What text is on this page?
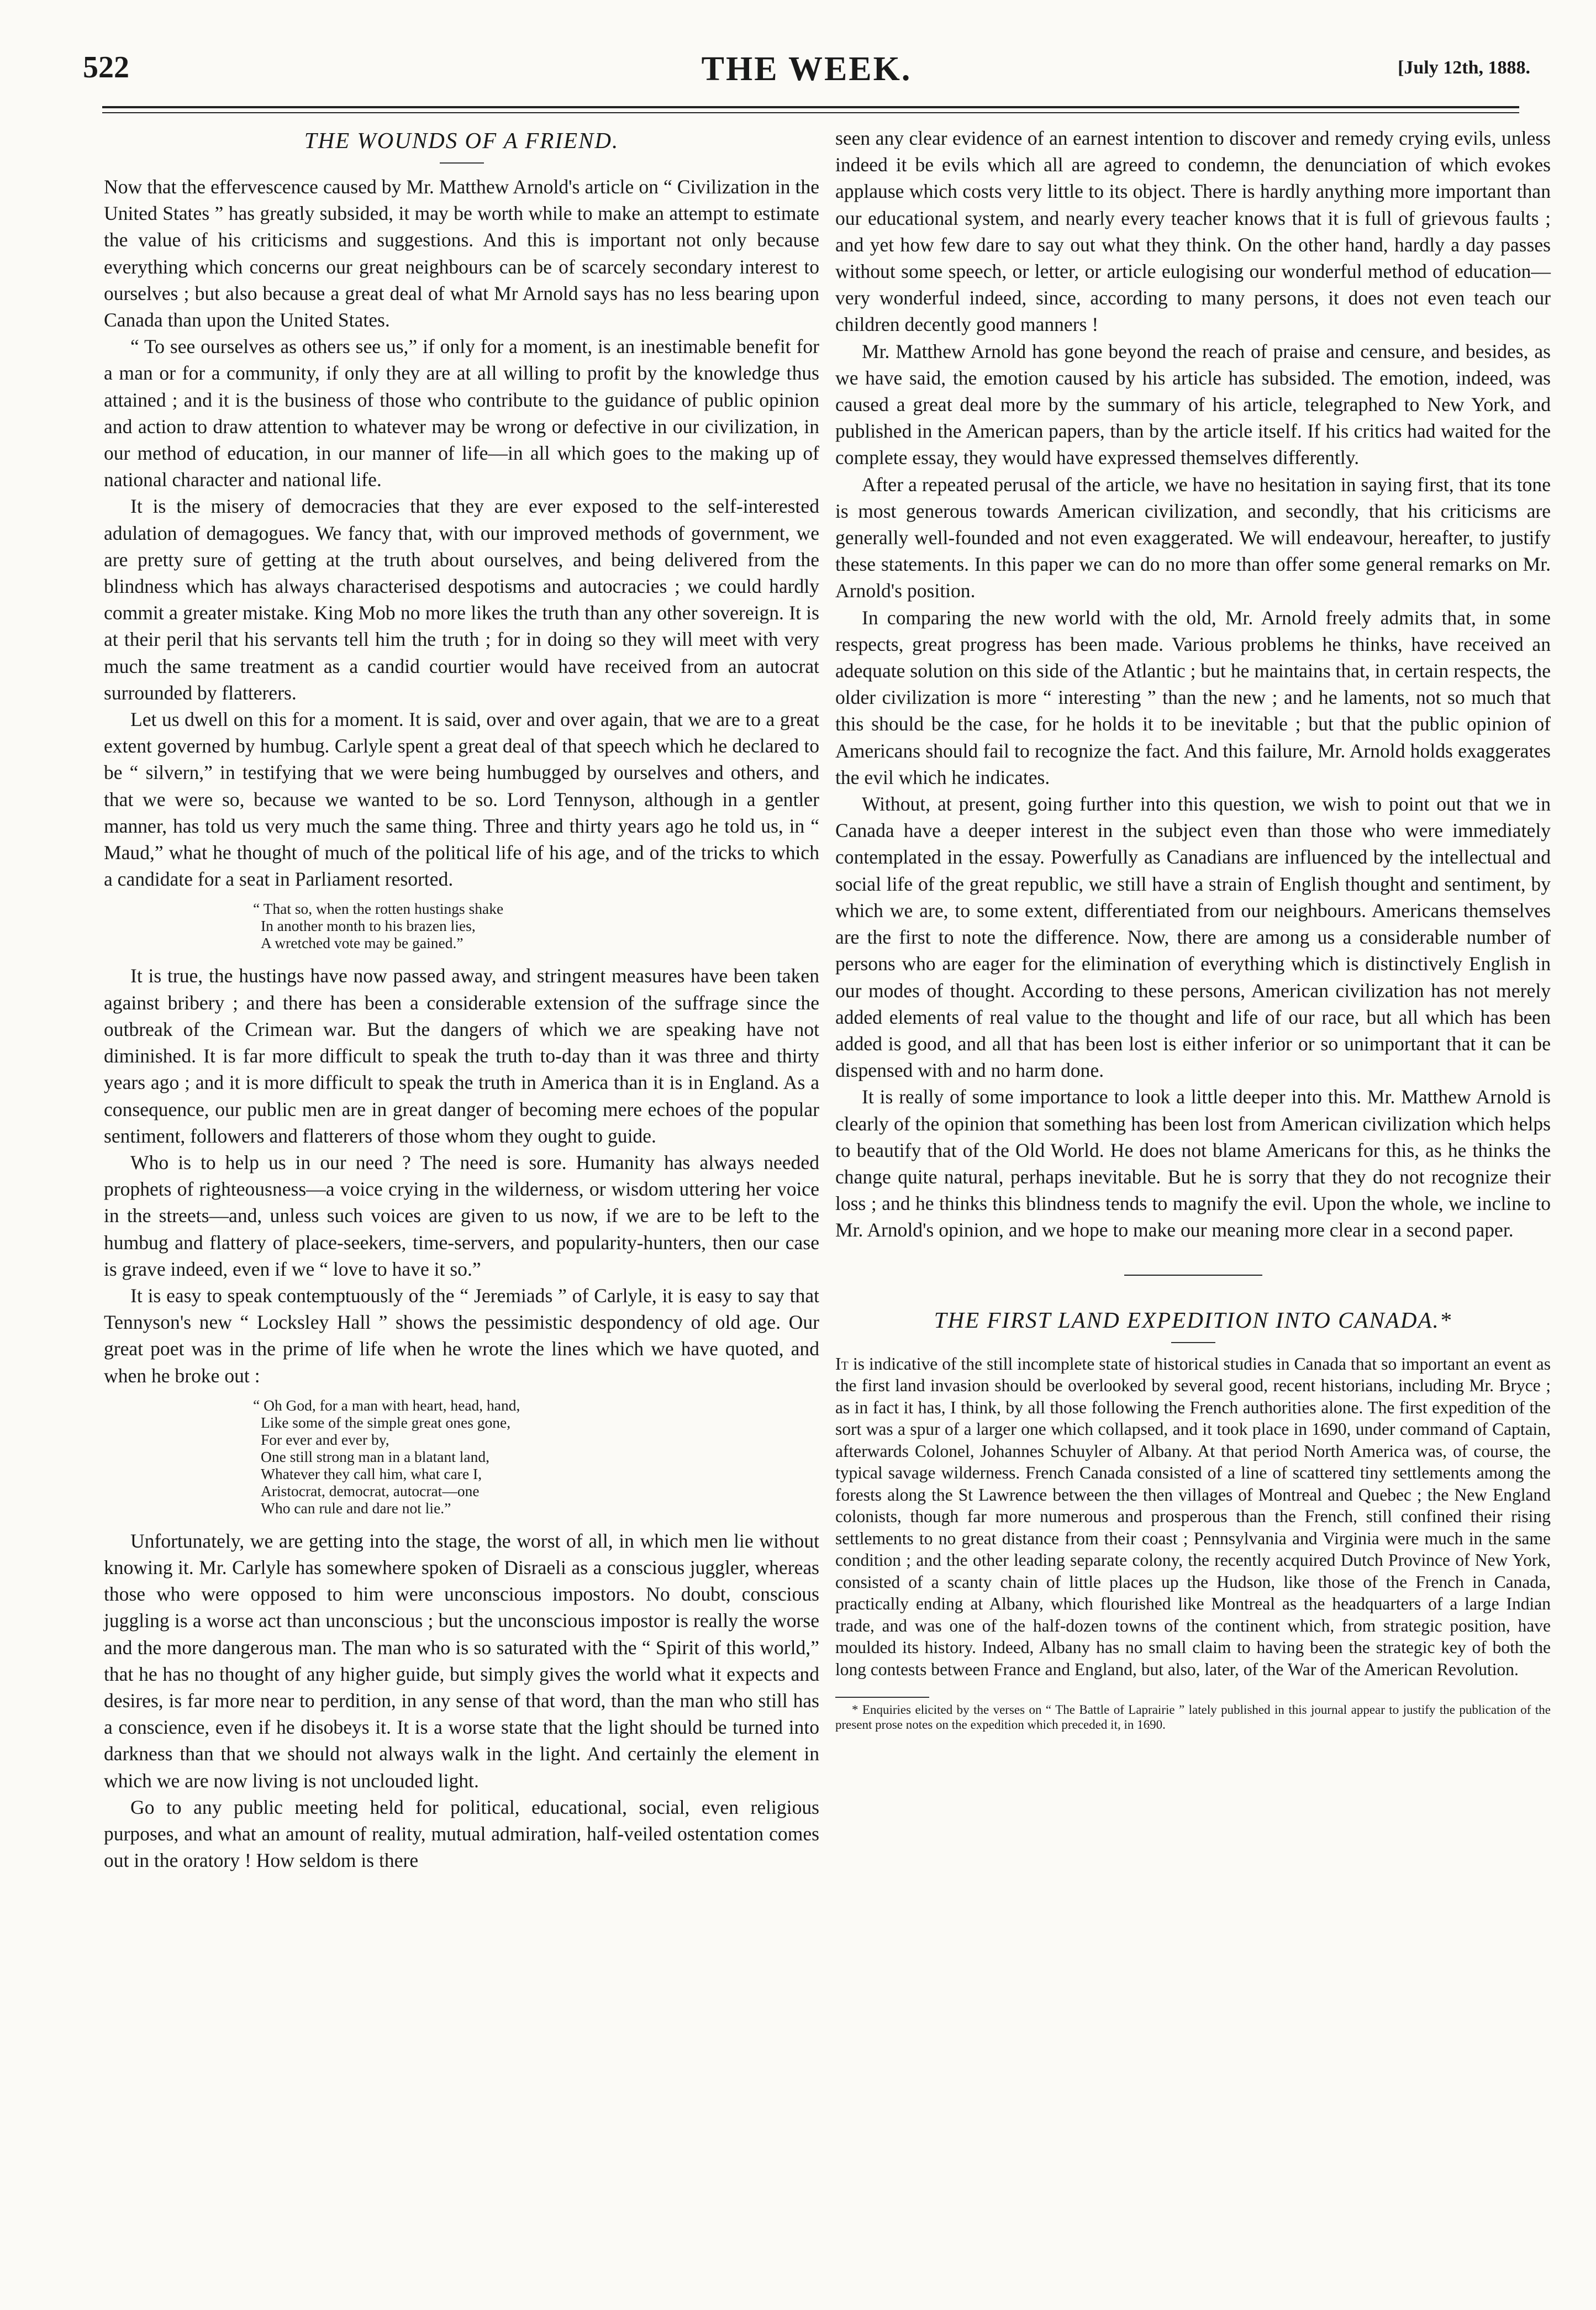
522	THE WEEK.	[July 12th, 1888.
THE WOUNDS OF A FRIEND.

Now that the effervescence caused by Mr. Matthew Arnold's article on “ Civilization in the United States ” has greatly subsided, it may be worth while to make an attempt to estimate the value of his criticisms and suggestions. And this is important not only because everything which concerns our great neighbours can be of scarcely secondary interest to ourselves ; but also because a great deal of what Mr Arnold says has no less bearing upon Canada than upon the United States.

“ To see ourselves as others see us,” if only for a moment, is an inestimable benefit for a man or for a community, if only they are at all willing to profit by the knowledge thus attained ; and it is the business of those who contribute to the guidance of public opinion and action to draw attention to whatever may be wrong or defective in our civilization, in our method of education, in our manner of life—in all which goes to the making up of national character and national life.

It is the misery of democracies that they are ever exposed to the self-interested adulation of demagogues. We fancy that, with our improved methods of government, we are pretty sure of getting at the truth about ourselves, and being delivered from the blindness which has always characterised despotisms and autocracies ; we could hardly commit a greater mistake. King Mob no more likes the truth than any other sovereign. It is at their peril that his servants tell him the truth ; for in doing so they will meet with very much the same treatment as a candid courtier would have received from an autocrat surrounded by flatterers.

Let us dwell on this for a moment. It is said, over and over again, that we are to a great extent governed by humbug. Carlyle spent a great deal of that speech which he declared to be “ silvern,” in testifying that we were being humbugged by ourselves and others, and that we were so, because we wanted to be so. Lord Tennyson, although in a gentler manner, has told us very much the same thing. Three and thirty years ago he told us, in “ Maud,” what he thought of much of the political life of his age, and of the tricks to which a candidate for a seat in Parliament resorted.

“ That so, when the rotten hustings shake
In another month to his brazen lies,
A wretched vote may be gained.”

It is true, the hustings have now passed away, and stringent measures have been taken against bribery ; and there has been a considerable extension of the suffrage since the outbreak of the Crimean war. But the dangers of which we are speaking have not diminished. It is far more difficult to speak the truth to-day than it was three and thirty years ago ; and it is more difficult to speak the truth in America than it is in England. As a consequence, our public men are in great danger of becoming mere echoes of the popular sentiment, followers and flatterers of those whom they ought to guide.

Who is to help us in our need ? The need is sore. Humanity has always needed prophets of righteousness—a voice crying in the wilderness, or wisdom uttering her voice in the streets—and, unless such voices are given to us now, if we are to be left to the humbug and flattery of place-seekers, time-servers, and popularity-hunters, then our case is grave indeed, even if we “ love to have it so.”

It is easy to speak contemptuously of the “ Jeremiads ” of Carlyle, it is easy to say that Tennyson's new “ Locksley Hall ” shows the pessimistic despondency of old age. Our great poet was in the prime of life when he wrote the lines which we have quoted, and when he broke out :

“ Oh God, for a man with heart, head, hand,
Like some of the simple great ones gone,
For ever and ever by,
One still strong man in a blatant land,
Whatever they call him, what care I,
Aristocrat, democrat, autocrat—one
Who can rule and dare not lie.”

Unfortunately, we are getting into the stage, the worst of all, in which men lie without knowing it. Mr. Carlyle has somewhere spoken of Disraeli as a conscious juggler, whereas those who were opposed to him were unconscious impostors. No doubt, conscious juggling is a worse act than unconscious ; but the unconscious impostor is really the worse and the more dangerous man. The man who is so saturated with the “ Spirit of this world,” that he has no thought of any higher guide, but simply gives the world what it expects and desires, is far more near to perdition, in any sense of that word, than the man who still has a conscience, even if he disobeys it. It is a worse state that the light should be turned into darkness than that we should not always walk in the light. And certainly the element in which we are now living is not unclouded light.

Go to any public meeting held for political, educational, social, even religious purposes, and what an amount of reality, mutual admiration, half-veiled ostentation comes out in the oratory ! How seldom is there

seen any clear evidence of an earnest intention to discover and remedy crying evils, unless indeed it be evils which all are agreed to condemn, the denunciation of which evokes applause which costs very little to its object. There is hardly anything more important than our educational system, and nearly every teacher knows that it is full of grievous faults ; and yet how few dare to say out what they think. On the other hand, hardly a day passes without some speech, or letter, or article eulogising our wonderful method of education—very wonderful indeed, since, according to many persons, it does not even teach our children decently good manners !

Mr. Matthew Arnold has gone beyond the reach of praise and censure, and besides, as we have said, the emotion caused by his article has subsided. The emotion, indeed, was caused a great deal more by the summary of his article, telegraphed to New York, and published in the American papers, than by the article itself. If his critics had waited for the complete essay, they would have expressed themselves differently.

After a repeated perusal of the article, we have no hesitation in saying first, that its tone is most generous towards American civilization, and secondly, that his criticisms are generally well-founded and not even exaggerated. We will endeavour, hereafter, to justify these statements. In this paper we can do no more than offer some general remarks on Mr. Arnold's position.

In comparing the new world with the old, Mr. Arnold freely admits that, in some respects, great progress has been made. Various problems he thinks, have received an adequate solution on this side of the Atlantic ; but he maintains that, in certain respects, the older civilization is more “ interesting ” than the new ; and he laments, not so much that this should be the case, for he holds it to be inevitable ; but that the public opinion of Americans should fail to recognize the fact. And this failure, Mr. Arnold holds exaggerates the evil which he indicates.

Without, at present, going further into this question, we wish to point out that we in Canada have a deeper interest in the subject even than those who were immediately contemplated in the essay. Powerfully as Canadians are influenced by the intellectual and social life of the great republic, we still have a strain of English thought and sentiment, by which we are, to some extent, differentiated from our neighbours. Americans themselves are the first to note the difference. Now, there are among us a considerable number of persons who are eager for the elimination of everything which is distinctively English in our modes of thought. According to these persons, American civilization has not merely added elements of real value to the thought and life of our race, but all which has been added is good, and all that has been lost is either inferior or so unimportant that it can be dispensed with and no harm done.

It is really of some importance to look a little deeper into this. Mr. Matthew Arnold is clearly of the opinion that something has been lost from American civilization which helps to beautify that of the Old World. He does not blame Americans for this, as he thinks the change quite natural, perhaps inevitable. But he is sorry that they do not recognize their loss ; and he thinks this blindness tends to magnify the evil. Upon the whole, we incline to Mr. Arnold's opinion, and we hope to make our meaning more clear in a second paper.

THE FIRST LAND EXPEDITION INTO CANADA.*

It is indicative of the still incomplete state of historical studies in Canada that so important an event as the first land invasion should be overlooked by several good, recent historians, including Mr. Bryce ; as in fact it has, I think, by all those following the French authorities alone. The first expedition of the sort was a spur of a larger one which collapsed, and it took place in 1690, under command of Captain, afterwards Colonel, Johannes Schuyler of Albany. At that period North America was, of course, the typical savage wilderness. French Canada consisted of a line of scattered tiny settlements among the forests along the St Lawrence between the then villages of Montreal and Quebec ; the New England colonists, though far more numerous and prosperous than the French, still confined their rising settlements to no great distance from their coast ; Pennsylvania and Virginia were much in the same condition ; and the other leading separate colony, the recently acquired Dutch Province of New York, consisted of a scanty chain of little places up the Hudson, like those of the French in Canada, practically ending at Albany, which flourished like Montreal as the headquarters of a large Indian trade, and was one of the half-dozen towns of the continent which, from strategic position, have moulded its history. Indeed, Albany has no small claim to having been the strategic key of both the long contests between France and England, but also, later, of the War of the American Revolution.

* Enquiries elicited by the verses on “ The Battle of Laprairie ” lately published in this journal appear to justify the publication of the present prose notes on the expedition which preceded it, in 1690.
